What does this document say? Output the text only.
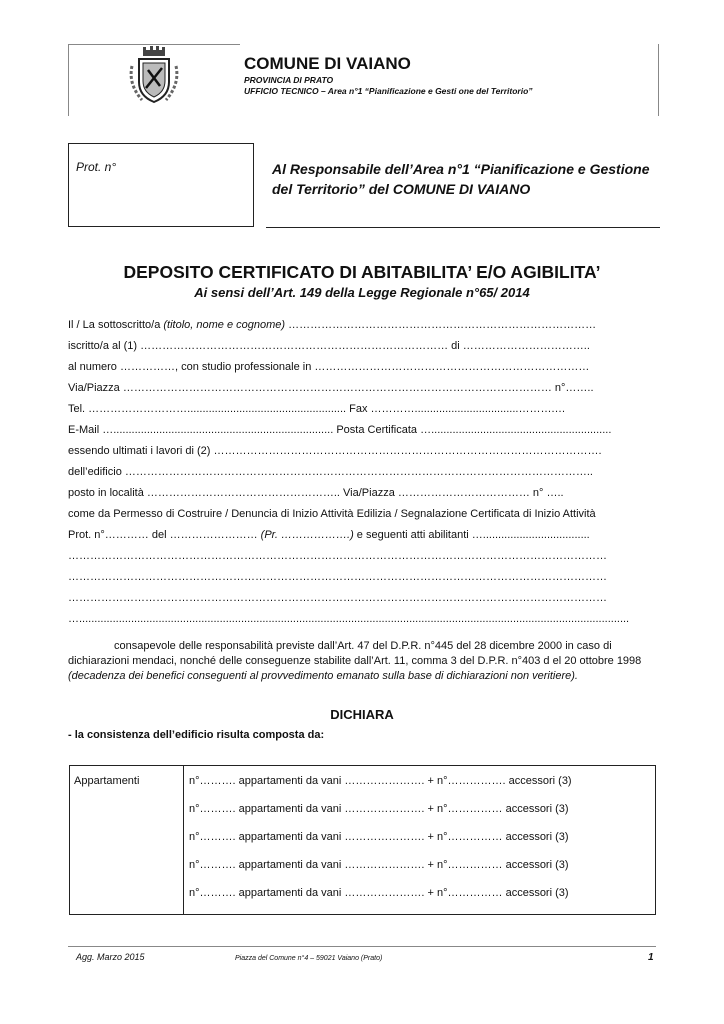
COMUNE DI VAIANO
PROVINCIA DI PRATO
UFFICIO TECNICO – Area n°1 “Pianificazione e Gesti one del Territorio”
Prot. n°	Al Responsabile dell’Area n°1 “Pianificazione e Gestione del Territorio” del COMUNE DI VAIANO
DEPOSITO CERTIFICATO DI ABITABILITA’ E/O AGIBILITA’
Ai sensi dell’Art. 149 della Legge Regionale n°65/ 2014
Il / La sottoscritto/a (titolo, nome e cognome) …………………………………………………………………………
iscritto/a al (1) ………………………………………………………………………… di ……………………………..
al numero ……………, con studio professionale in …………………………………………………………………
Via/Piazza ……………………………………………………………………………………………………… n°……..
Tel. ……………………….................................................... Fax …………..................................……….…
E-Mail …........................................................................ Posta Certificata …...........................................................
essendo ultimati i lavori di (2) …………………………………………………………………………………………….
dell’edificio ………………………………………………………………………………………………………………..
posto in località …………………………………………….. Via/Piazza ……………………………… n° …..
come da Permesso di Costruire / Denuncia di Inizio Attività Edilizia / Segnalazione Certificata di Inizio Attività
Prot. n°………… del …………………… (Pr. ……………….) e seguenti atti abilitanti …...................................
…………………………………………………………………………………………………………………………………
…………………………………………………………………………………………………………………………………
…………………………………………………………………………………………………………………………………
…....................................................................................................................................................................................
consapevole delle responsabilità previste dall’Art. 47 del D.P.R. n°445 del 28 dicembre 2000 in caso di dichiarazioni mendaci, nonché delle conseguenze stabilite dall’Art. 11, comma 3 del D.P.R. n°403 d el 20 ottobre 1998 (decadenza dei benefici conseguenti al provvedimento emanato sulla base di dichiarazioni non veritiere).
DICHIARA
- la consistenza dell’edificio risulta composta da:
Appartamenti	n°………. appartamenti da vani …………………. + n°……………. accessori (3)
n°………. appartamenti da vani …………………. + n°…………… accessori (3)
n°………. appartamenti da vani …………………. + n°…………… accessori (3)
n°………. appartamenti da vani …………………. + n°…………… accessori (3)
n°………. appartamenti da vani …………………. + n°…………… accessori (3)
Agg. Marzo 2015	Piazza del Comune n°4 – 59021 Vaiano (Prato)	1
